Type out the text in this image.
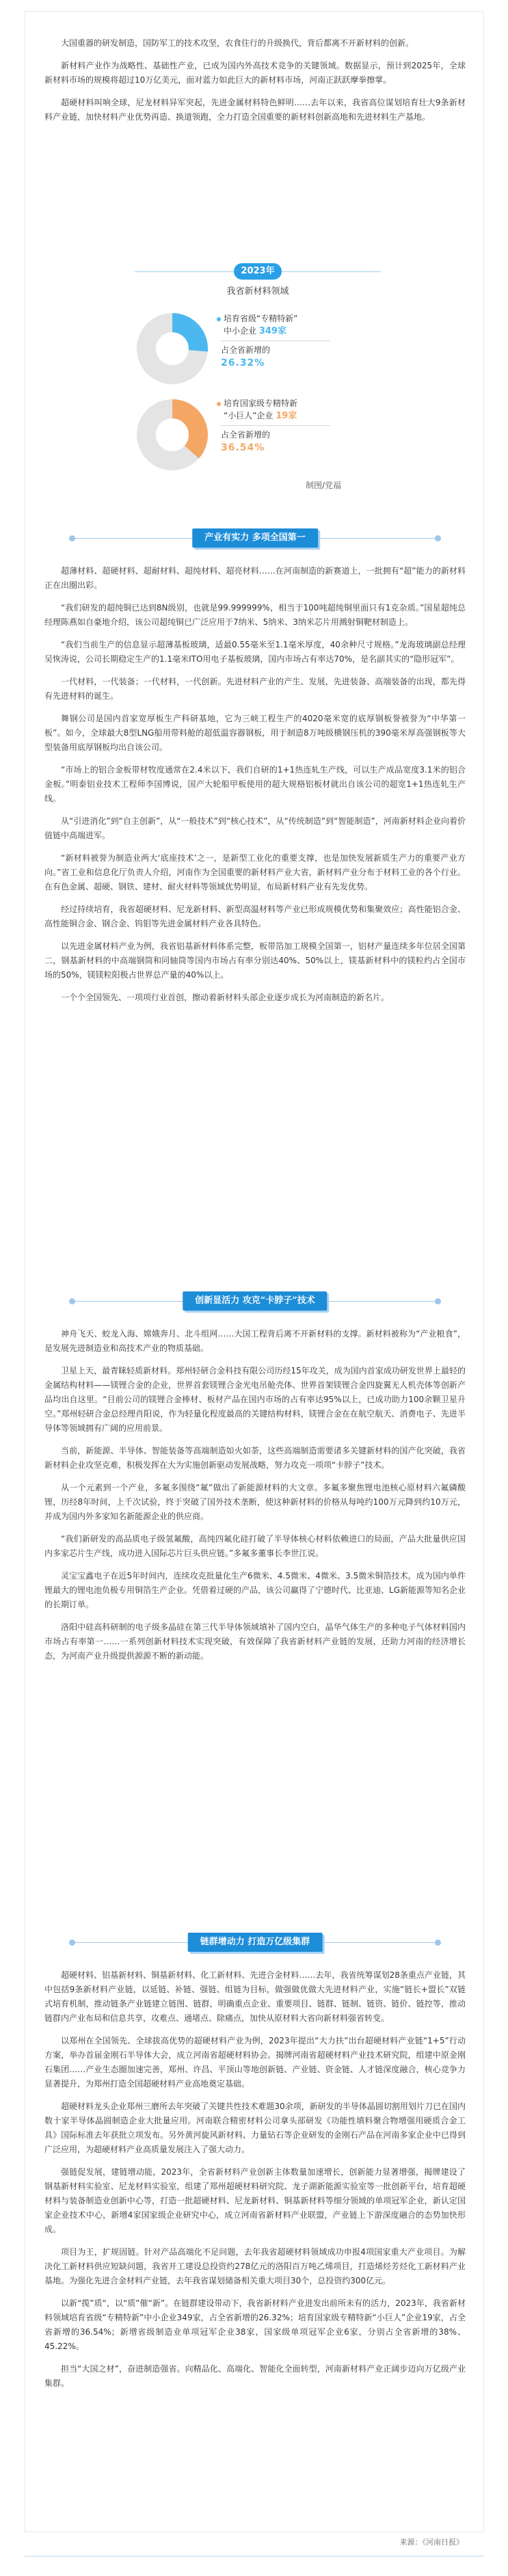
大国重器的研发制造，国防军工的技术攻坚，农食住行的升级换代，背后都离不开新材料的创新。

新材料产业作为战略性、基础性产业，已成为国内外高技术竞争的关键领域。数据显示，预计到2025年，全球新材料市场的规模将超过10万亿美元，面对蓝力如此巨大的新材料市场，河南正跃跃摩拳擦掌。

超硬材料叫响全球，尼龙材料异军突起，先进金属材料特色鲜明……去年以来，我省高位谋划培育壮大9条新材料产业链，加快材料产业优势再造、换道领跑，全力打造全国重要的新材料创新高地和先进材料生产基地。

2023年
我省新材料领域
培育省级“专精特新”
中小企业 349家
占全省新增的
26.32%
培育国家级专精特新
“小巨人”企业 19家
占全省新增的
36.54%
制图/党福
产业有实力 多项全国第一

超薄材料、超硬材料、超耐材料、超纯材料、超亮材料……在河南制造的新赛道上，一批拥有“超”能力的新材料正在出圈出彩。

“我们研发的超纯铜已达到8N级别，也就是99.999999%，相当于100吨超纯铜里面只有1克杂质。”国星超纯总经理陈燕如自豪地介绍，该公司超纯铜已广泛应用于7纳米、5纳米、3纳米芯片用溅射铜靶材制造上。

“我们当前生产的信息显示超薄基板玻璃，适最0.55毫米至1.1毫米厚度，40余种尺寸规格。”龙海玻璃副总经理吴恢涛说，公司长期稳定生产的1.1毫米ITO用电子基板玻璃，国内市场占有率达70%，是名副其实的“隐形冠军”。

一代材料，一代装备；一代材料，一代创新。先进材料产业的产生、发展，先进装备、高端装备的出现，都先得有先进材料的诞生。

舞钢公司是国内首家宽厚板生产科研基地，它为三峡工程生产的4020毫米宽的底厚钢板誉被誉为“中华第一板”。如今，全球最大8型LNG船用带料舱的超低温容器钢板，用于制造8万吨级横钢压机的390毫米厚高强钢板等大型装备用底厚钢板均出自该公司。

“市场上的铝合金板带材牧度通常在2.4米以下，我们自研的1+1热连轧生产线，可以生产成品宽度3.1米的铝合金板。”明泰铝业技术工程师李国博说，国产大轮船甲板使用的超大规格铝板材就出自该公司的超宽1+1热连轧生产线。

从“引进消化”到“自主创新”，从“一般技术”到“核心技术”，从“传统制造”到“智能制造”，河南新材料企业向着价值链中高端进军。

“新材料被誉为制造业两大‘底座技术’之一，是新型工业化的重要支撑，也是加快发展新质生产力的重要产业方向。”省工业和信息化厅负责人介绍，河南作为全国重要的新材料产业大省，新材料产业分布于材料工业的各个行业。在有色金属、超硬、钢铁、建材、耐火材料等领域优势明显，布局新材料产业有先发优势。

经过持续培育，我省超硬材料、尼龙新材料、新型高温材料等产业已形成规模优势和集聚效应；高性能铝合金、高性能铜合金、钢合金、钨钼等先进金属材料产业各具特色。

以先进金属材料产业为例，我省铝基新材料体系完整，板带箔加工规模全国第一，铝材产量连续多年位居全国第二，钢基新材料的中高端钢筒和同轴筒等国内市场占有率分别达40%、50%以上，镁基新材料中的镁粒约占全国市场的50%，镁镁粒阳极占世界总产量的40%以上。

一个个全国领先、一项项行业首创，擦动着新材料头部企业逐步成长为河南制造的新名片。

创新显活力 攻克“卡脖子”技术

神舟飞天、蛟龙入海、嫦娥奔月、北斗组网……大国工程背后离不开新材料的支撑。新材料被称为“产业粮食”，是发展先进制造业和高技术产业的物质基础。

卫星上天，最青睐轻质新材料。郑州轻研合金科技有限公司历经15年攻关，成为国内首家成功研发世界上最轻的金属结构材料——镁锂合金的企业，世界首套镁锂合金光电吊舱壳体、世界首架镁锂合金四旋翼无人机壳体等创新产品均出自这里。“目前公司的镁锂合金棒材、板材产品在国内市场的占有率达95%以上，已成功助力100余颗卫星升空。”郑州轻研合金总经理肖阳说，作为轻量化程度最高的关键结构材料，镁锂合金在在航空航天、消费电子、先进半导体等领域拥有广阔的应用前景。

当前，新能源、半导体、智能装备等高端制造如火如荼，这些高端制造需要诸多关键新材料的国产化突破，我省新材料企业攻坚克难，积极发挥在大为实施创新驱动发展战略，努力攻克一项项“卡脖子”技术。

从一个元素到一个产业，多氟多围绕“氟”做出了新能源材料的大文章。多氟多聚焦锂电池核心原材料六氟磷酸锂，历经8年时间，上千次试验，终于突破了国外技术垄断，使这种新材料的价格从每吨约100万元降到约10万元，并成为国内外多家知名新能源企业的供应商。

“我们新研发的高品质电子级氢氟酸，高纯四氟化硅打破了半导体核心材料依赖进口的局面，产品大批量供应国内多家芯片生产线，成功进入国际芯片巨头供应链。”多氟多董事长李世江说。

灵宝宝鑫电子在近5年时间内，连续攻克批量化生产6微米、4.5微米、4微米、3.5微米铜箔技术，成为国内单件锂最大的锂电池负极专用铜箔生产企业。凭借着过硬的产品，该公司赢得了宁德时代、比亚迪、LG新能源等知名企业的长期订单。

洛阳中硅高科研制的电子级多晶硅在第三代半导体领域填补了国内空白，晶华气体生产的多种电子气体材料国内市场占有率第一……一系列创新材料技术实现突破，有效保障了我省新材料产业链的发展，还助力河南的经济增长态，为河南产业升级提供源源不断的新动能。

链群增动力 打造万亿级集群

超硬材料、铝基新材料、铜基新材料、化工新材料、先进合金材料……去年，我省统筹谋划28条重点产业链，其中包括9条新材料产业链，以延链、补链、强链、组链为目标，做强做优做大先进材料产业，实施“链长+盟长”双链式培育机制，推动链条产业链建立链图、链群，明确重点企业、重要项目、链群、链制、链资、链价、链控等，推动链群内产业布局和信息共享，攻难点、通堵点、除痛点，加快从原材料大省向新材料强省转变。

以郑州在全国领先、全球拔高优势的超硬材料产业为例，2023年提出“大力扶”出台超硬材料产业链“1+5”行动方案，举办首届金刚石半导体大会，成立河南省超硬材料协会。揭牌河南省超硬材料产业技术研究院，组建中原金刚石集团……产业生态圈加速完善，郑州、许昌、平顶山等地创新链、产业链、资金链、人才链深度融合，核心竞争力显著提升，为郑州打造全国超硬材料产业高地奠定基础。

超硬材料龙头企业郑州三磨所去年突破了关键共性技术难题30余项，新研发的半导体晶圆切割用划片刀已在国内数十家半导体晶圆制造企业大批量应用。河南联合精密材料公司拿头部研发《功能性填料聚合物增强用硬质合金工具》国际标准去年获批立项发布。另外黄河旋风新材料、力量钻石等企业研发的金刚石产品在河南多家企业中已得到广泛应用，为超硬材料产业高质量发展注入了强大动力。

强链促发展，建链增动能，2023年，全省新材料产业创新主体数量加速增长，创新能力显著增强，揭牌建设了钢基新材料实验室、尼龙材料实验室，组建了郑州超硬材料研究院、龙子湖新能源实验室等一批创新平台，培育超硬材料与装备制造业创新中心等，打造一批超硬材料、尼龙新材料、铜基新材料等细分领域的单项冠军企业，新认定国家企业技术中心，新增4家国家级企业研究中心，成立河南省新材料产业联盟，产业链上下游深度融合的态势加快形成。

项目为王，扩规固链。针对产品高端化不足问题，去年我省超硬材料领域成功申报4项国家重大产业项目。为解决化工新材料供应短缺问题，我省开工建设总投资约278亿元的洛阳百万吨乙烯项目，打造烯烃芳烃化工新材料产业基地。为强化先进合金材料产业链，去年我省谋划储备相关重大项目30个，总投资约300亿元。

以新“揽”质“，以“质”催“新”。在链群建设带动下，我省新材料产业进发出前所未有的活力，2023年，我省新材料领域培育省级“专精特新”中小企业349家，占全省新增的26.32%；培育国家级专精特新“小巨人”企业19家，占全省新增的36.54%；新增省级制造业单项冠军企业38家，国家级单项冠军企业6家，分别占全省新增的38%、45.22%。

担当“大国之材”，奋进制造强省。向精品化、高端化、智能化全面转型，河南新材料产业正阔步迈向万亿级产业集群。

来源：《河南日报》
